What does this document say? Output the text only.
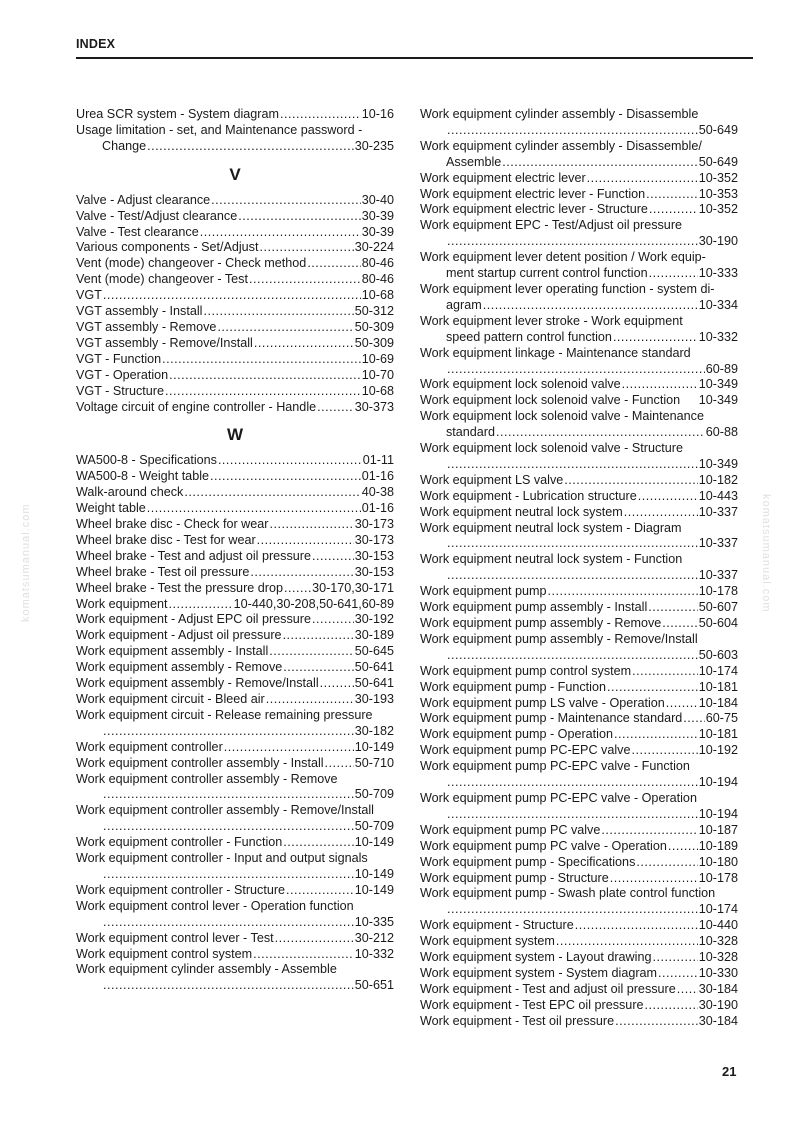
INDEX
Urea SCR system - System diagram .....	10-16
Usage limitation - set, and Maintenance password -
Change .....	30-235
V
Valve - Adjust clearance .....	30-40
Valve - Test/Adjust clearance .....	30-39
Valve - Test clearance .....	30-39
Various components - Set/Adjust .....	30-224
Vent (mode) changeover - Check method .....	80-46
Vent (mode) changeover - Test .....	80-46
VGT .....	10-68
VGT assembly - Install .....	50-312
VGT assembly - Remove .....	50-309
VGT assembly - Remove/Install .....	50-309
VGT - Function .....	10-69
VGT - Operation .....	10-70
VGT - Structure .....	10-68
Voltage circuit of engine controller - Handle .....	30-373
W
WA500-8 - Specifications .....	01-11
WA500-8 - Weight table .....	01-16
Walk-around check .....	40-38
Weight table .....	01-16
Wheel brake disc - Check for wear .....	30-173
Wheel brake disc - Test for wear .....	30-173
Wheel brake - Test and adjust oil pressure .....	30-153
Wheel brake - Test oil pressure .....	30-153
Wheel brake - Test the pressure drop ..... 30-170,30-171
Work equipment .....	10-440,30-208,50-641,60-89
Work equipment - Adjust EPC oil pressure .....	30-192
Work equipment - Adjust oil pressure .....	30-189
Work equipment assembly - Install .....	50-645
Work equipment assembly - Remove .....	50-641
Work equipment assembly - Remove/Install .....	50-641
Work equipment circuit - Bleed air .....	30-193
Work equipment circuit - Release remaining pressure
.....
30-182
Work equipment controller .....	10-149
Work equipment controller assembly - Install ..... 50-710
Work equipment controller assembly - Remove
.....
50-709
Work equipment controller assembly - Remove/Install
.....
50-709
Work equipment controller - Function .....	10-149
Work equipment controller - Input and output signals
.....
10-149
Work equipment controller - Structure .....	10-149
Work equipment control lever - Operation function
.....
10-335
Work equipment control lever - Test .....	30-212
Work equipment control system .....	10-332
Work equipment cylinder assembly - Assemble
.....
50-651
Work equipment cylinder assembly - Disassemble
.....
50-649
Work equipment cylinder assembly - Disassemble/
Assemble .....	50-649
Work equipment electric lever .....	10-352
Work equipment electric lever - Function .....	10-353
Work equipment electric lever - Structure .....	10-352
Work equipment EPC - Test/Adjust oil pressure
.....
30-190
Work equipment lever detent position / Work equip-
ment startup current control function .....	10-333
Work equipment lever operating function - system di-
agram .....	10-334
Work equipment lever stroke - Work equipment
speed pattern control function .....	10-332
Work equipment linkage - Maintenance standard
.....
60-89
Work equipment lock solenoid valve .....	10-349
Work equipment lock solenoid valve - Function 10-349
Work equipment lock solenoid valve - Maintenance
standard .....	60-88
Work equipment lock solenoid valve - Structure
.....
10-349
Work equipment LS valve .....	10-182
Work equipment - Lubrication structure .....	10-443
Work equipment neutral lock system .....	10-337
Work equipment neutral lock system - Diagram
.....
10-337
Work equipment neutral lock system - Function
.....
10-337
Work equipment pump .....	10-178
Work equipment pump assembly - Install .....	50-607
Work equipment pump assembly - Remove .....	50-604
Work equipment pump assembly - Remove/Install
.....
50-603
Work equipment pump control system .....	10-174
Work equipment pump - Function .....	10-181
Work equipment pump LS valve - Operation .....	10-184
Work equipment pump - Maintenance standard ..... 60-75
Work equipment pump - Operation .....	10-181
Work equipment pump PC-EPC valve .....	10-192
Work equipment pump PC-EPC valve - Function
.....
10-194
Work equipment pump PC-EPC valve - Operation
.....
10-194
Work equipment pump PC valve .....	10-187
Work equipment pump PC valve - Operation .....	10-189
Work equipment pump - Specifications .....	10-180
Work equipment pump - Structure .....	10-178
Work equipment pump - Swash plate control function
.....
10-174
Work equipment - Structure .....	10-440
Work equipment system .....	10-328
Work equipment system - Layout drawing .....	10-328
Work equipment system - System diagram .....	10-330
Work equipment - Test and adjust oil pressure ..... 30-184
Work equipment - Test EPC oil pressure .....	30-190
Work equipment - Test oil pressure .....	30-184
komatsumanual.com	komatsumanual.com
21
